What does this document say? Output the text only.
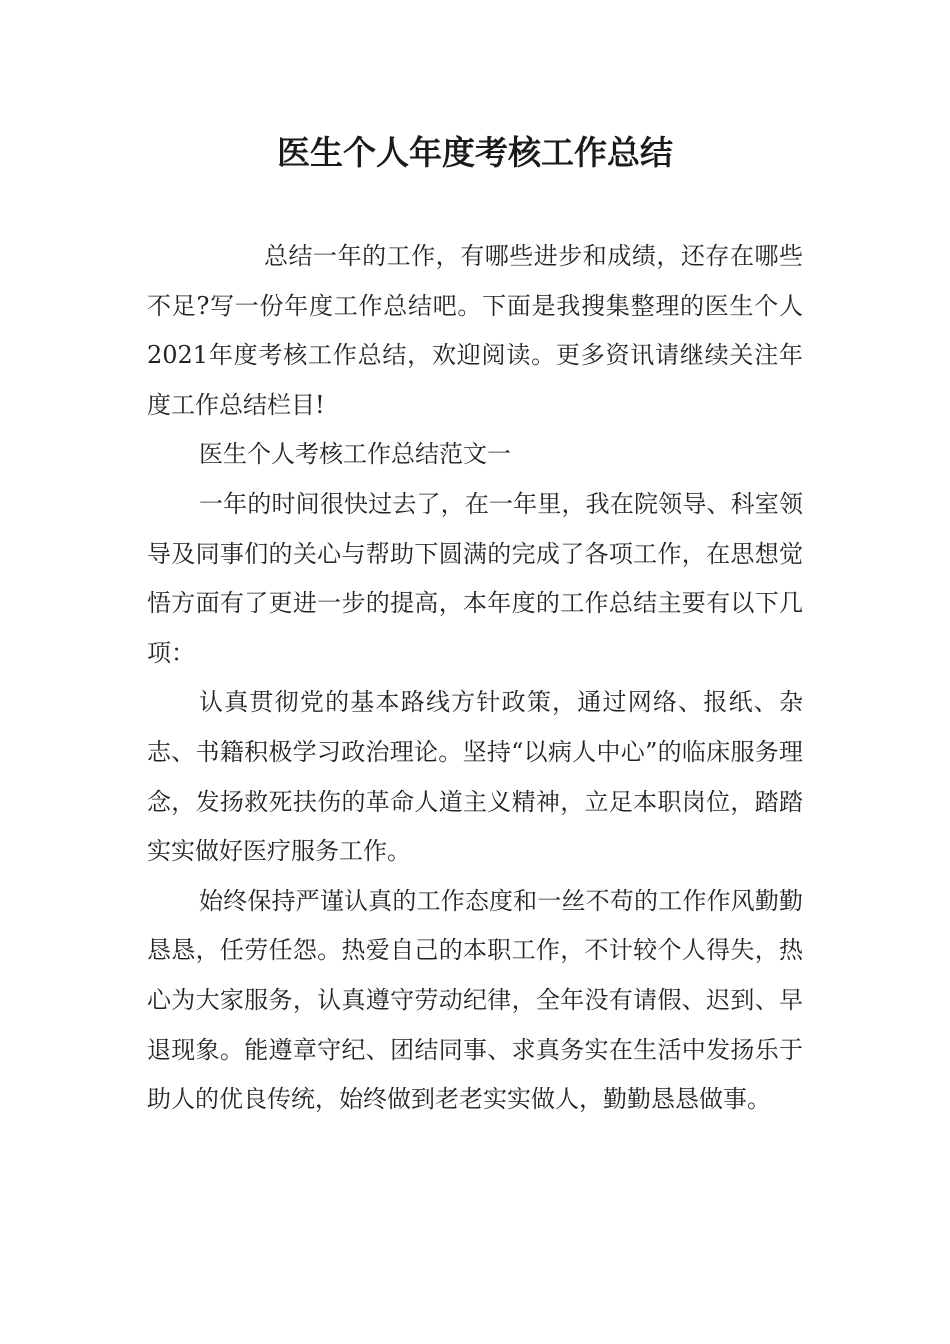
医生个人年度考核工作总结

总结一年的工作，有哪些进步和成绩，还存在哪些不足?写一份年度工作总结吧。下面是我搜集整理的医生个人2021年度考核工作总结，欢迎阅读。更多资讯请继续关注年度工作总结栏目!

医生个人考核工作总结范文一

一年的时间很快过去了，在一年里，我在院领导、科室领导及同事们的关心与帮助下圆满的完成了各项工作，在思想觉悟方面有了更进一步的提高，本年度的工作总结主要有以下几项：

认真贯彻党的基本路线方针政策，通过网络、报纸、杂志、书籍积极学习政治理论。坚持“以病人中心”的临床服务理念，发扬救死扶伤的革命人道主义精神，立足本职岗位，踏踏实实做好医疗服务工作。

始终保持严谨认真的工作态度和一丝不苟的工作作风勤勤恳恳，任劳任怨。热爱自己的本职工作，不计较个人得失，热心为大家服务，认真遵守劳动纪律，全年没有请假、迟到、早退现象。能遵章守纪、团结同事、求真务实在生活中发扬乐于助人的优良传统，始终做到老老实实做人，勤勤恳恳做事。
